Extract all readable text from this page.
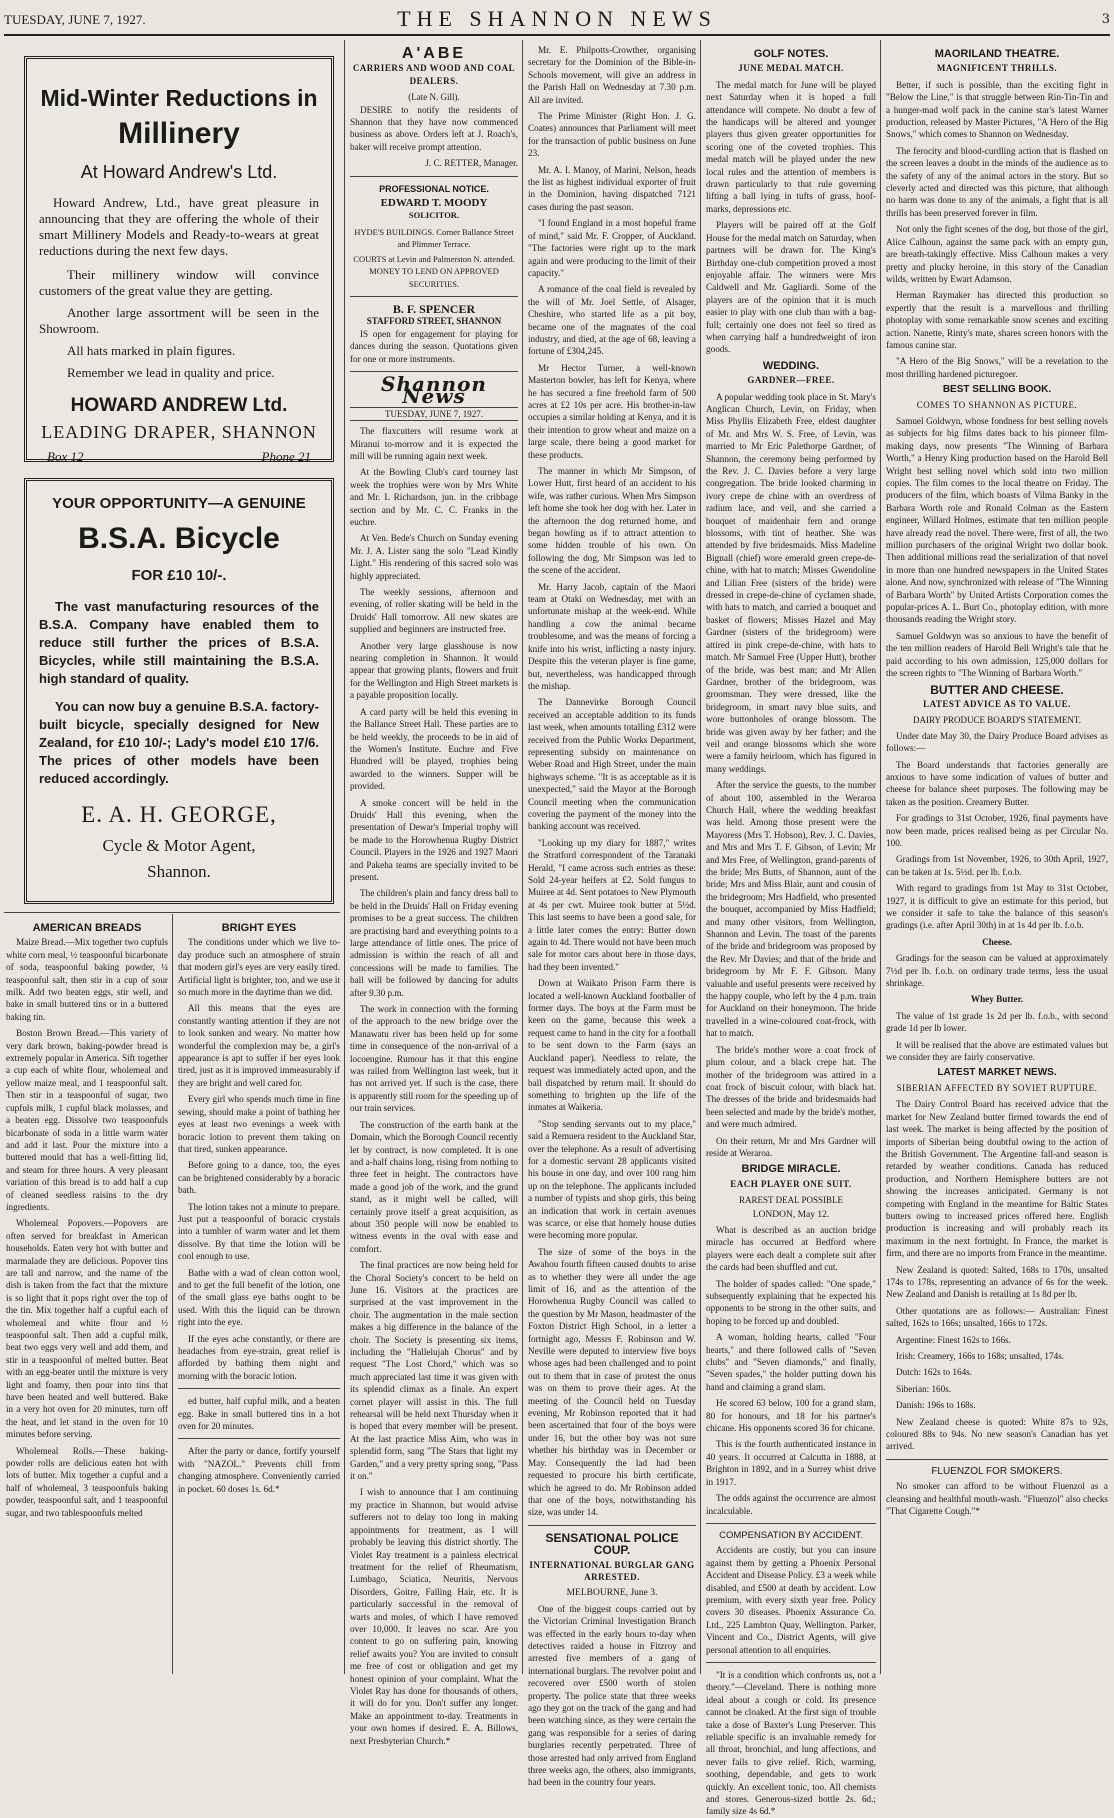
TUESDAY, JUNE 7, 1927.	THE SHANNON NEWS	3
Mid-Winter Reductions in
Millinery
At Howard Andrew's Ltd.
Howard Andrew, Ltd., have great pleasure in announcing that they are offering the whole of their smart Millinery Models and Ready-to-wears at great reductions during the next few days.
Their millinery window will convince customers of the great value they are getting.
Another large assortment will be seen in the Showroom.
All hats marked in plain figures.
Remember we lead in quality and price.
HOWARD ANDREW Ltd.
LEADING DRAPER, SHANNON
Box 12	Phone 21
YOUR OPPORTUNITY—A GENUINE
B.S.A. Bicycle
FOR £10 10/-.
The vast manufacturing resources of the B.S.A. Company have enabled them to reduce still further the prices of B.S.A. Bicycles, while still maintaining the B.S.A. high standard of quality.
You can now buy a genuine B.S.A. factory-built bicycle, specially designed for New Zealand, for £10 10/-; Lady's model £10 17/6. The prices of other models have been reduced accordingly.
E. A. H. GEORGE,
Cycle & Motor Agent,
Shannon.
AMERICAN BREADS

Maize Bread.—Mix together two cupfuls white corn meal, ½ teaspoonful bicarbonate of soda, teaspoonful baking powder, ¼ teaspoonful salt, then stir in a cup of sour milk. Add two beaten eggs, stir well, and bake in small buttered tins or in a buttered baking tin.

Boston Brown Bread.—This variety of very dark brown, baking-powder bread is extremely popular in America. Sift together a cup each of white flour, wholemeal and yellow maize meal, and 1 teaspoonful salt. Then stir in a teaspoonful of sugar, two cupfuls milk, 1 cupful black molasses, and a beaten egg. Dissolve two teaspoonfuls bicarbonate of soda in a little warm water and add it last. Pour the mixture into a buttered mould that has a well-fitting lid, and steam for three hours. A very pleasant variation of this bread is to add half a cup of cleaned seedless raisins to the dry ingredients.

Wholemeal Popovers.—Popovers are often served for breakfast in American households. Eaten very hot with butter and marmalade they are delicious. Popover tins are tall and narrow, and the name of the dish is taken from the fact that the mixture is so light that it pops right over the top of the tin. Mix together half a cupful each of wholemeal and white flour and ½ teaspoonful salt. Then add a cupful milk, beat two eggs very well and add them, and stir in a teaspoonful of melted butter. Beat with an egg-beater until the mixture is very light and foamy, then pour into tins that have been heated and well buttered. Bake in a very hot oven for 20 minutes, turn off the heat, and let stand in the oven for 10 minutes before serving.

Wholemeal Rolls.—These baking-powder rolls are delicious eaten hot with lots of butter. Mix together a cupful and a half of wholemeal, 3 teaspoonfuls baking powder, teaspoonful salt, and 1 teaspoonful sugar, and two tablespoonfuls melted

BRIGHT EYES

The conditions under which we live to-day produce such an atmosphere of strain that modern girl's eyes are very easily tired. Artificial light is brighter, too, and we use it so much more in the daytime than we did.

All this means that the eyes are constantly wanting attention if they are not to look sunken and weary. No matter how wonderful the complexion may be, a girl's appearance is apt to suffer if her eyes look tired, just as it is improved immeasurably if they are bright and well cared for.

Every girl who spends much time in fine sewing, should make a point of bathing her eyes at least two evenings a week with boracic lotion to prevent them taking on that tired, sunken appearance.

Before going to a dance, too, the eyes can be brightened considerably by a boracic bath.

The lotion takes not a minute to prepare. Just put a teaspoonful of boracic crystals into a tumbler of warm water and let them dissolve. By that time the lotion will be cool enough to use.

Bathe with a wad of clean cotton wool, and to get the full benefit of the lotion, one of the small glass eye baths ought to be used. With this the liquid can be thrown right into the eye.

If the eyes ache constantly, or there are headaches from eye-strain, great relief is afforded by bathing them night and morning with the boracic lotion.

ed butter, half cupful milk, and a beaten egg. Bake in small buttered tins in a hot oven for 20 minutes.

After the party or dance, fortify yourself with "NAZOL." Prevents chill from changing atmosphere. Conveniently carried in pocket. 60 doses 1s. 6d.*

A'ABE
CARRIERS AND WOOD AND COAL DEALERS.
(Late N. Gill).

DESIRE to notify the residents of Shannon that they have now commenced business as above. Orders left at J. Roach's, baker will receive prompt attention.

J. C. RETTER, Manager.
PROFESSIONAL NOTICE.
EDWARD T. MOODY
SOLICITOR.
HYDE'S BUILDINGS. Corner Ballance Street and Plimmer Terrace.
COURTS at Levin and Palmerston N. attended. MONEY TO LEND ON APPROVED SECURITIES.
B. F. SPENCER
STAFFORD STREET, SHANNON

IS open for engagement for playing for dances during the season. Quotations given for one or more instruments.

Shannon News
TUESDAY, JUNE 7, 1927.

The flaxcutters will resume work at Miranui to-morrow and it is expected the mill will be running again next week.

At the Bowling Club's card tourney last week the trophies were won by Mrs White and Mr. L Richardson, jun. in the cribbage section and by Mr. C. C. Franks in the euchre.

At Ven. Bede's Church on Sunday evening Mr. J. A. Lister sang the solo "Lead Kindly Light." His rendering of this sacred solo was highly appreciated.

The weekly sessions, afternoon and evening, of roller skating will be held in the Druids' Hall tomorrow. All new skates are supplied and beginners are instructed free.

Another very large glasshouse is now nearing completion in Shannon. It would appear that growing plants, flowers and fruit for the Wellington and High Street markets is a payable proposition locally.

A card party will be held this evening in the Ballance Street Hall. These parties are to be held weekly, the proceeds to be in aid of the Women's Institute. Euchre and Five Hundred will be played, trophies being awarded to the winners. Supper will be provided.

A smoke concert will be held in the Druids' Hall this evening, when the presentation of Dewar's Imperial trophy will be made to the Horowhenua Rugby District Council. Players in the 1926 and 1927 Maori and Pakeha teams are specially invited to be present.

The children's plain and fancy dress ball to be held in the Druids' Hall on Friday evening promises to be a great success. The children are practising hard and everything points to a large attendance of little ones. The price of admission is within the reach of all and concessions will be made to families. The ball will be followed by dancing for adults after 9.30 p.m.

The work in connection with the forming of the approach to the new bridge over the Manawatu river has been held up for some time in consequence of the non-arrival of a locoengine. Rumour has it that this engine was railed from Wellington last week, but it has not arrived yet. If such is the case, there is apparently still room for the speeding up of our train services.

The construction of the earth bank at the Domain, which the Borough Council recently let by contract, is now completed. It is one and a-half chains long, rising from nothing to three feet in height. The contractors have made a good job of the work, and the grand stand, as it might well be called, will certainly prove itself a great acquisition, as about 350 people will now be enabled to witness events in the oval with ease and comfort.

The final practices are now being held for the Choral Society's concert to be held on June 16. Visitors at the practices are surprised at the vast improvement in the choir. The augmentation in the male section makes a big difference in the balance of the choir. The Society is presenting six items, including the "Hallelujah Chorus" and by request "The Lost Chord," which was so much appreciated last time it was given with its splendid climax as a finale. An expert cornet player will assist in this. The full rehearsal will be held next Thursday when it is hoped that every member will be present. At the last practice Miss Aim, who was in splendid form, sang "The Stars that light my Garden," and a very pretty spring song, "Pass it on."

I wish to announce that I am continuing my practice in Shannon, but would advise sufferers not to delay too long in making appointments for treatment, as I will probably be leaving this district shortly. The Violet Ray treatment is a painless electrical treatment for the relief of Rheumatism, Lumbago, Sciatica, Neuritis, Nervous Disorders, Goitre, Falling Hair, etc. It is particularly successful in the removal of warts and moles, of which I have removed over 10,000. It leaves no scar. Are you content to go on suffering pain, knowing relief awaits you? You are invited to consult me free of cost or obligation and get my honest opinion of your complaint. What the Violet Ray has done for thousands of others, it will do for you. Don't suffer any longer. Make an appointment to-day. Treatments in your own homes if desired. E. A. Billows, next Presbyterian Church.*

Mr. E. Philpotts-Crowther, organising secretary for the Dominion of the Bible-in-Schools movement, will give an address in the Parish Hall on Wednesday at 7.30 p.m. All are invited.

The Prime Minister (Right Hon. J. G. Coates) announces that Parliament will meet for the transaction of public business on June 23.

Mr. A. I. Manoy, of Marini, Nelson, heads the list as highest individual exporter of fruit in the Dominion, having dispatched 7121 cases during the past season.

"I found England in a most hopeful frame of mind," said Mr. F. Cropper, of Auckland. "The factories were right up to the mark again and were producing to the limit of their capacity."

A romance of the coal field is revealed by the will of Mr. Joel Settle, of Alsager, Cheshire, who started life as a pit boy, became one of the magnates of the coal industry, and died, at the age of 68, leaving a fortune of £304,245.

Mr Hector Turner, a well-known Masterton bowler, has left for Kenya, where he has secured a fine freehold farm of 500 acres at £2 10s per acre. His brother-in-law occupies a similar holding at Kenya, and it is their intention to grow wheat and maize on a large scale, there being a good market for these products.

The manner in which Mr Simpson, of Lower Hutt, first heard of an accident to his wife, was rather curious. When Mrs Simpson left home she took her dog with her. Later in the afternoon the dog returned home, and began howling as if to attract attention to some hidden trouble of his own. On following the dog, Mr Simpson was led to the scene of the accident.

Mr. Harry Jacob, captain of the Maori team at Otaki on Wednesday, met with an unfortunate mishap at the week-end. While handling a cow the animal became troublesome, and was the means of forcing a knife into his wrist, inflicting a nasty injury. Despite this the veteran player is fine game, but, nevertheless, was handicapped through the mishap.

The Dannevirke Borough Council received an acceptable addition to its funds last week, when amounts totalling £312 were received from the Public Works Department, representing subsidy on maintenance on Weber Road and High Street, under the main highways scheme. "It is as acceptable as it is unexpected," said the Mayor at the Borough Council meeting when the communication covering the payment of the money into the banking account was received.

"Looking up my diary for 1887," writes the Stratford correspondent of the Taranaki Herald, "I came across such entries as these: Sold 24-year heifers at £2. Sold fungus to Muiree at 4d. Sent potatoes to New Plymouth at 4s per cwt. Muiree took butter at 5½d. This last seems to have been a good sale, for a little later comes the entry: Butter down again to 4d. There would not have been much sale for motor cars about here in those days, had they been invented."

Down at Waikato Prison Farm there is located a well-known Auckland footballer of former days. The boys at the Farm must be keen on the game, because this week a request came to hand in the city for a football to be sent down to the Farm (says an Auckland paper). Needless to relate, the request was immediately acted upon, and the ball dispatched by return mail. It should do something to brighten up the life of the inmates at Waikeria.

"Stop sending servants out to my place," said a Remuera resident to the Auckland Star, over the telephone. As a result of advertising for a domestic servant 28 applicants visited his house in one day, and over 100 rang him up on the telephone. The applicants included a number of typists and shop girls, this being an indication that work in certain avenues was scarce, or else that homely house duties were becoming more popular.

The size of some of the boys in the Awahou fourth fifteen caused doubts to arise as to whether they were all under the age limit of 16, and as the attention of the Horowhenua Rugby Council was called to the question by Mr Mason, headmaster of the Foxton District High School, in a letter a fortnight ago, Messrs F. Robinson and W. Neville were deputed to interview five boys whose ages had been challenged and to point out to them that in case of protest the onus was on them to prove their ages. At the meeting of the Council held on Tuesday evening, Mr Robinson reported that it had been ascertained that four of the boys were under 16, but the other boy was not sure whether his birthday was in December or May. Consequently the lad had been requested to procure his birth certificate, which he agreed to do. Mr Robinson added that one of the boys, notwithstanding his size, was under 14.

SENSATIONAL POLICE COUP.
INTERNATIONAL BURGLAR GANG ARRESTED.
MELBOURNE, June 3.

One of the biggest coups carried out by the Victorian Criminal Investigation Branch was effected in the early hours to-day when detectives raided a house in Fitzroy and arrested five members of a gang of international burglars. The revolver point and recovered over £500 worth of stolen property. The police state that three weeks ago they got on the track of the gang and had been watching since, as they were certain the gang was responsible for a series of daring burglaries recently perpetrated. Three of those arrested had only arrived from England three weeks ago, the others, also immigrants, had been in the country four years.

GOLF NOTES.
JUNE MEDAL MATCH.

The medal match for June will be played next Saturday when it is hoped a full attendance will compete. No doubt a few of the handicaps will be altered and younger players thus given greater opportunities for scoring one of the coveted trophies. This medal match will be played under the new local rules and the attention of members is drawn particularly to that rule governing lifting a ball lying in tufts of grass, hoof-marks, depressions etc.

Players will be paired off at the Golf House for the medal match on Saturday, when partners will be drawn for. The King's Birthday one-club competition proved a most enjoyable affair. The winners were Mrs Caldwell and Mr. Gagliardi. Some of the players are of the opinion that it is much easier to play with one club than with a bag-full; certainly one does not feel so tired as when carrying half a hundredweight of iron goods.

WEDDING.
GARDNER—FREE.

A popular wedding took place in St. Mary's Anglican Church, Levin, on Friday, when Miss Phyllis Elizabeth Free, eldest daughter of Mr. and Mrs W. S. Free, of Levin, was married to Mr Eric Palethorpe Gardner, of Shannon, the ceremony being performed by the Rev. J. C. Davies before a very large congregation. The bride looked charming in ivory crepe de chine with an overdress of radium lace, and veil, and she carried a bouquet of maidenhair fern and orange blossoms, with tint of heather. She was attended by five bridesmaids. Miss Madeline Bignall (chief) wore emerald green crepe-de-chine, with hat to match; Misses Gwendoline and Lilian Free (sisters of the bride) were dressed in crepe-de-chine of cyclamen shade, with hats to match, and carried a bouquet and basket of flowers; Misses Hazel and May Gardner (sisters of the bridegroom) were attired in pink crepe-de-chine, with hats to match. Mr Samuel Free (Upper Hutt), brother of the bride, was best man; and Mr Allen Gardner, brother of the bridegroom, was groomsman. They were dressed, like the bridegroom, in smart navy blue suits, and wore buttonholes of orange blossom. The bride was given away by her father; and the veil and orange blossoms which she wore were a family heirloom, which has figured in many weddings.

After the service the guests, to the number of about 100, assembled in the Weraroa Church Hall, where the wedding breakfast was held. Among those present were the Mayoress (Mrs T. Hobson), Rev. J. C. Davies, and Mrs and Mrs T. F. Gibson, of Levin; Mr and Mrs Free, of Wellington, grand-parents of the bride; Mrs Butts, of Shannon, aunt of the bride; Mrs and Miss Blair, aunt and cousin of the bridegroom; Mrs Hadfield, who presented the bouquet, accompanied by Miss Hadfield; and many other visitors, from Wellington, Shannon and Levin. The toast of the parents of the bride and bridegroom was proposed by the Rev. Mr Davies; and that of the bride and bridegroom by Mr F. F. Gibson. Many valuable and useful presents were received by the happy couple, who left by the 4 p.m. train for Auckland on their honeymoon. The bride travelled in a wine-coloured coat-frock, with hat to match.

The bride's mother wore a coat frock of plum colour, and a black crepe hat. The mother of the bridegroom was attired in a coat frock of biscuit colour, with black hat. The dresses of the bride and bridesmaids had been selected and made by the bride's mother, and were much admired.

On their return, Mr and Mrs Gardner will reside at Weraroa.

BRIDGE MIRACLE.
EACH PLAYER ONE SUIT.
RAREST DEAL POSSIBLE
LONDON, May 12.

What is described as an auction bridge miracle has occurred at Bedford where players were each dealt a complete suit after the cards had been shuffled and cut.

The holder of spades called: "One spade," subsequently explaining that he expected his opponents to be strong in the other suits, and hoping to be forced up and doubled.

A woman, holding hearts, called "Four hearts," and there followed calls of "Seven clubs" and "Seven diamonds," and finally, "Seven spades," the holder putting down his hand and claiming a grand slam.

He scored 63 below, 100 for a grand slam, 80 for honours, and 18 for his partner's chicane. His opponents scored 36 for chicane.

This is the fourth authenticated instance in 40 years. It occurred at Calcutta in 1888, at Brighton in 1892, and in a Surrey whist drive in 1917.

The odds against the occurrence are almost incalculable.

COMPENSATION BY ACCIDENT.

Accidents are costly, but you can insure against them by getting a Phoenix Personal Accident and Disease Policy. £3 a week while disabled, and £500 at death by accident. Low premium, with every sixth year free. Policy covers 30 diseases. Phoenix Assurance Co. Ltd., 225 Lambton Quay, Wellington. Parker, Vincent and Co., District Agents, will give personal attention to all enquiries.

"It is a condition which confronts us, not a theory."—Cleveland. There is nothing more ideal about a cough or cold. Its presence cannot be cloaked. At the first sign of trouble take a dose of Baxter's Lung Preserver. This reliable specific is an invaluable remedy for all throat, bronchial, and lung affections, and never fails to give relief. Rich, warming, soothing, dependable, and gets to work quickly. An excellent tonic, too. All chemists and stores. Generous-sized bottle 2s. 6d.; family size 4s 6d.*

MAORILAND THEATRE.
MAGNIFICENT THRILLS.

Better, if such is possible, than the exciting fight in "Below the Line," is that struggle between Rin-Tin-Tin and a hunger-mad wolf pack in the canine star's latest Warner production, released by Master Pictures, "A Hero of the Big Snows," which comes to Shannon on Wednesday.

The ferocity and blood-curdling action that is flashed on the screen leaves a doubt in the minds of the audience as to the safety of any of the animal actors in the story. But so cleverly acted and directed was this picture, that although no harm was done to any of the animals, a fight that is all thrills has been preserved forever in film.

Not only the fight scenes of the dog, but those of the girl, Alice Calhoun, against the same pack with an empty gun, are breath-takingly effective. Miss Calhoun makes a very pretty and plucky heroine, in this story of the Canadian wilds, written by Ewart Adamson.

Herman Raymaker has directed this production so expertly that the result is a marvellous and thrilling photoplay with some remarkable snow scenes and exciting action. Nanette, Rinty's mate, shares screen honors with the famous canine star.

"A Hero of the Big Snows," will be a revelation to the most thrilling hardened picturegoer.

BEST SELLING BOOK.
COMES TO SHANNON AS PICTURE.

Samuel Goldwyn, whose fondness for best selling novels as subjects for big films dates back to his pioneer film-making days, now presents "The Winning of Barbara Worth," a Henry King production based on the Harold Bell Wright best selling novel which sold into two million copies. The film comes to the local theatre on Friday. The producers of the film, which boasts of Vilma Banky in the Barbara Worth role and Ronald Colman as the Eastern engineer, Willard Holmes, estimate that ten million people have already read the novel. There were, first of all, the two million purchasers of the original Wright two dollar book. Then additional millions read the serialization of that novel in more than one hundred newspapers in the United States alone. And now, synchronized with release of "The Winning of Barbara Worth" by United Artists Corporation comes the popular-prices A. L. Burt Co., photoplay edition, with more thousands reading the Wright story.

Samuel Goldwyn was so anxious to have the benefit of the ten million readers of Harold Bell Wright's tale that he paid according to his own admission, 125,000 dollars for the screen rights to "The Winning of Barbara Worth."

BUTTER AND CHEESE.
LATEST ADVICE AS TO VALUE.
DAIRY PRODUCE BOARD'S STATEMENT.

Under date May 30, the Dairy Produce Board advises as follows:—

The Board understands that factories generally are anxious to have some indication of values of butter and cheese for balance sheet purposes. The following may be taken as the position. Creamery Butter.

For gradings to 31st October, 1926, final payments have now been made, prices realised being as per Circular No. 100.

Gradings from 1st November, 1926, to 30th April, 1927, can be taken at 1s. 5½d. per lb. f.o.b.

With regard to gradings from 1st May to 31st October, 1927, it is difficult to give an estimate for this period, but we consider it safe to take the balance of this season's gradings (i.e. after April 30th) in at 1s 4d per lb. f.o.b.

Cheese.

Gradings for the season can be valued at approximately 7½d per lb. f.o.b. on ordinary trade terms, less the usual shrinkage.

Whey Butter.

The value of 1st grade 1s 2d per lb. f.o.b., with second grade 1d per lb lower.

It will be realised that the above are estimated values but we consider they are fairly conservative.

LATEST MARKET NEWS.
SIBERIAN AFFECTED BY SOVIET RUPTURE.

The Dairy Control Board has received advice that the market for New Zealand butter firmed towards the end of last week. The market is being affected by the position of imports of Siberian being doubtful owing to the action of the British Government. The Argentine fall-and season is retarded by weather conditions. Canada has reduced production, and Northern Hemisphere butters are not showing the increases anticipated. Germany is not competing with England in the meantime for Baltic States butters owing to increased prices offered here. English production is increasing and will probably reach its maximum in the next fortnight. In France, the market is firm, and there are no imports from France in the meantime.

New Zealand is quoted: Salted, 168s to 170s, unsalted 174s to 178s, representing an advance of 6s for the week. New Zealand and Danish is retailing at 1s 8d per lb.

Other quotations are as follows:— Australian: Finest salted, 162s to 166s; unsalted, 166s to 172s.

Argentine: Finest 162s to 166s.

Irish: Creamery, 166s to 168s; unsalted, 174s.

Dutch: 162s to 164s.

Siberian: 160s.

Danish: 196s to 168s.

New Zealand cheese is quoted: White 87s to 92s, coloured 88s to 94s. No new season's Canadian has yet arrived.

FLUENZOL FOR SMOKERS.

No smoker can afford to be without Fluenzol as a cleansing and healthful mouth-wash. "Fluenzol" also checks "That Cigarette Cough."*
